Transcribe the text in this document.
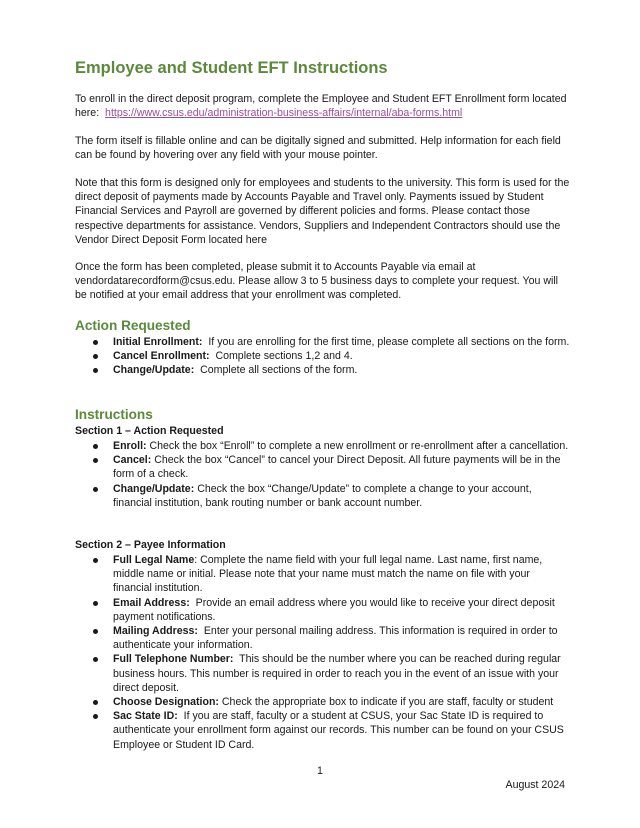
Employee and Student EFT Instructions
To enroll in the direct deposit program, complete the Employee and Student EFT Enrollment form located here: https://www.csus.edu/administration-business-affairs/internal/aba-forms.html
The form itself is fillable online and can be digitally signed and submitted. Help information for each field can be found by hovering over any field with your mouse pointer.
Note that this form is designed only for employees and students to the university. This form is used for the direct deposit of payments made by Accounts Payable and Travel only. Payments issued by Student Financial Services and Payroll are governed by different policies and forms. Please contact those respective departments for assistance. Vendors, Suppliers and Independent Contractors should use the Vendor Direct Deposit Form located here
Once the form has been completed, please submit it to Accounts Payable via email at vendordatarecordform@csus.edu. Please allow 3 to 5 business days to complete your request. You will be notified at your email address that your enrollment was completed.
Action Requested
Initial Enrollment: If you are enrolling for the first time, please complete all sections on the form.
Cancel Enrollment: Complete sections 1,2 and 4.
Change/Update: Complete all sections of the form.
Instructions
Section 1 – Action Requested
Enroll: Check the box “Enroll” to complete a new enrollment or re-enrollment after a cancellation.
Cancel: Check the box “Cancel” to cancel your Direct Deposit. All future payments will be in the form of a check.
Change/Update: Check the box “Change/Update” to complete a change to your account, financial institution, bank routing number or bank account number.
Section 2 – Payee Information
Full Legal Name: Complete the name field with your full legal name. Last name, first name, middle name or initial. Please note that your name must match the name on file with your financial institution.
Email Address: Provide an email address where you would like to receive your direct deposit payment notifications.
Mailing Address: Enter your personal mailing address. This information is required in order to authenticate your information.
Full Telephone Number: This should be the number where you can be reached during regular business hours. This number is required in order to reach you in the event of an issue with your direct deposit.
Choose Designation: Check the appropriate box to indicate if you are staff, faculty or student
Sac State ID: If you are staff, faculty or a student at CSUS, your Sac State ID is required to authenticate your enrollment form against our records. This number can be found on your CSUS Employee or Student ID Card.
1
August 2024
